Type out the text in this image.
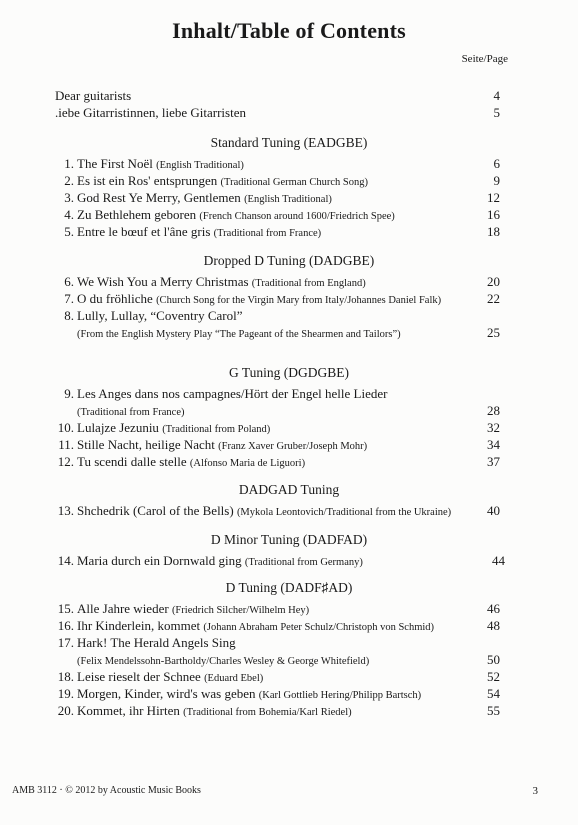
Inhalt/Table of Contents
Seite/Page
Dear guitarists	4
.iebe Gitarristinnen, liebe Gitarristen	5
Standard Tuning (EADGBE)
1. The First Noël (English Traditional)	6
2. Es ist ein Ros' entsprungen (Traditional German Church Song)	9
3. God Rest Ye Merry, Gentlemen (English Traditional)	12
4. Zu Bethlehem geboren (French Chanson around 1600/Friedrich Spee)	16
5. Entre le bœuf et l'âne gris (Traditional from France)	18
Dropped D Tuning (DADGBE)
6. We Wish You a Merry Christmas (Traditional from England)	20
7. O du fröhliche (Church Song for the Virgin Mary from Italy/Johannes Daniel Falk)	22
8. Lully, Lullay, “Coventry Carol”
(From the English Mystery Play “The Pageant of the Shearmen and Tailors”)	25
G Tuning (DGDGBE)
9. Les Anges dans nos campagnes/Hört der Engel helle Lieder
(Traditional from France)	28
10. Lulajze Jezuniu (Traditional from Poland)	32
11. Stille Nacht, heilige Nacht (Franz Xaver Gruber/Joseph Mohr)	34
12. Tu scendi dalle stelle (Alfonso Maria de Liguori)	37
DADGAD Tuning
13. Shchedrik (Carol of the Bells) (Mykola Leontovich/Traditional from the Ukraine)	40
D Minor Tuning (DADFAD)
14. Maria durch ein Dornwald ging (Traditional from Germany)	44
D Tuning (DADF♯AD)
15. Alle Jahre wieder (Friedrich Silcher/Wilhelm Hey)	46
16. Ihr Kinderlein, kommet (Johann Abraham Peter Schulz/Christoph von Schmid)	48
17. Hark! The Herald Angels Sing
(Felix Mendelssohn-Bartholdy/Charles Wesley & George Whitefield)	50
18. Leise rieselt der Schnee (Eduard Ebel)	52
19. Morgen, Kinder, wird's was geben (Karl Gottlieb Hering/Philipp Bartsch)	54
20. Kommet, ihr Hirten (Traditional from Bohemia/Karl Riedel)	55
AMB 3112 · © 2012 by Acoustic Music Books	3
